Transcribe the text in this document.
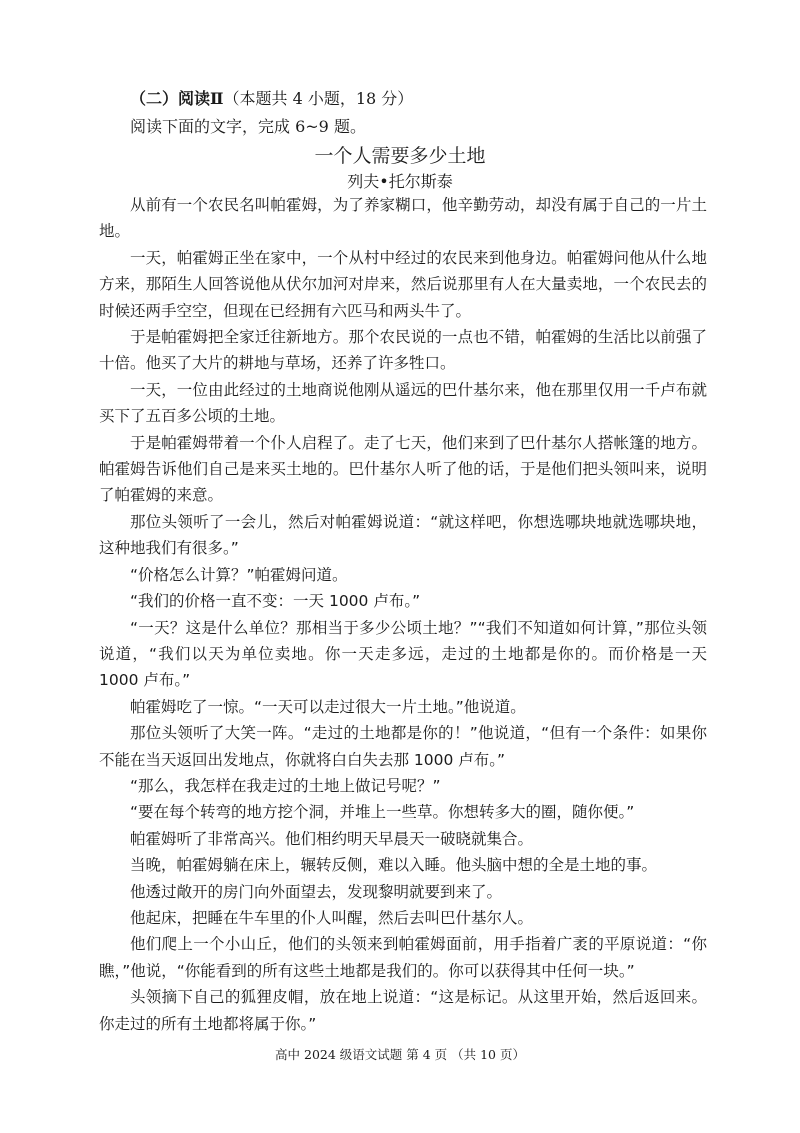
（二）阅读Ⅱ（本题共 4 小题，18 分）
阅读下面的文字，完成 6~9 题。
一个人需要多少土地
列夫•托尔斯泰

从前有一个农民名叫帕霍姆，为了养家糊口，他辛勤劳动，却没有属于自己的一片土地。

一天，帕霍姆正坐在家中，一个从村中经过的农民来到他身边。帕霍姆问他从什么地方来，那陌生人回答说他从伏尔加河对岸来，然后说那里有人在大量卖地，一个农民去的时候还两手空空，但现在已经拥有六匹马和两头牛了。

于是帕霍姆把全家迁往新地方。那个农民说的一点也不错，帕霍姆的生活比以前强了十倍。他买了大片的耕地与草场，还养了许多牲口。

一天，一位由此经过的土地商说他刚从遥远的巴什基尔来，他在那里仅用一千卢布就买下了五百多公顷的土地。

于是帕霍姆带着一个仆人启程了。走了七天，他们来到了巴什基尔人搭帐篷的地方。帕霍姆告诉他们自己是来买土地的。巴什基尔人听了他的话，于是他们把头领叫来，说明了帕霍姆的来意。

那位头领听了一会儿，然后对帕霍姆说道：“就这样吧，你想选哪块地就选哪块地，这种地我们有很多。”

“价格怎么计算？”帕霍姆问道。

“我们的价格一直不变：一天 1000 卢布。”

“一天？这是什么单位？那相当于多少公顷土地？”“我们不知道如何计算，”那位头领说道，“我们以天为单位卖地。你一天走多远，走过的土地都是你的。而价格是一天 1000 卢布。”

帕霍姆吃了一惊。“一天可以走过很大一片土地。”他说道。

那位头领听了大笑一阵。“走过的土地都是你的！”他说道，“但有一个条件：如果你不能在当天返回出发地点，你就将白白失去那 1000 卢布。”

“那么，我怎样在我走过的土地上做记号呢？”

“要在每个转弯的地方挖个洞，并堆上一些草。你想转多大的圈，随你便。”

帕霍姆听了非常高兴。他们相约明天早晨天一破晓就集合。

当晚，帕霍姆躺在床上，辗转反侧，难以入睡。他头脑中想的全是土地的事。

他透过敞开的房门向外面望去，发现黎明就要到来了。

他起床，把睡在牛车里的仆人叫醒，然后去叫巴什基尔人。

他们爬上一个小山丘，他们的头领来到帕霍姆面前，用手指着广袤的平原说道：“你瞧，”他说，“你能看到的所有这些土地都是我们的。你可以获得其中任何一块。”

头领摘下自己的狐狸皮帽，放在地上说道：“这是标记。从这里开始，然后返回来。你走过的所有土地都将属于你。”

高中 2024 级语文试题 第 4 页 （共 10 页）
